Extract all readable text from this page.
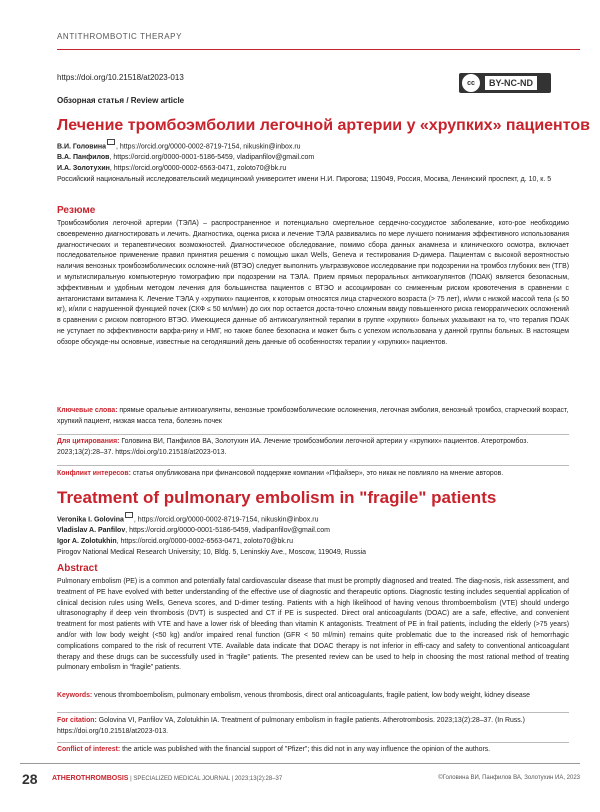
ANTITHROMBOTIC THERAPY
https://doi.org/10.21518/at2023-013
cc	BY-NC-ND
Обзорная статья / Review article
Лечение тромбоэмболии легочной артерии у «хрупких» пациентов
В.И. Головина , https://orcid.org/0000-0002-8719-7154, nikuskin@inbox.ru
В.А. Панфилов, https://orcid.org/0000-0001-5186-5459, vladipanfilov@gmail.com
И.А. Золотухин, https://orcid.org/0000-0002-6563-0471, zoloto70@bk.ru
Российский национальный исследовательский медицинский университет имени Н.И. Пирогова; 119049, Россия, Москва, Ленинский проспект, д. 10, к. 5
Резюме
Тромбоэмболия легочной артерии (ТЭЛА) – распространенное и потенциально смертельное сердечно-сосудистое заболевание, кото-рое необходимо своевременно диагностировать и лечить. Диагностика, оценка риска и лечение ТЭЛА развивались по мере лучшего понимания эффективного использования диагностических и терапевтических возможностей. Диагностическое обследование, помимо сбора данных анамнеза и клинического осмотра, включает последовательное применение правил принятия решения с помощью шкал Wells, Geneva и тестирования D-димера. Пациентам с высокой вероятностью наличия венозных тромбоэмболических осложне-ний (ВТЭО) следует выполнить ультразвуковое исследование при подозрении на тромбоз глубоких вен (ТГВ) и мультиспиральную компьютерную томографию при подозрении на ТЭЛА. Прием прямых пероральных антикоагулянтов (ПОАК) является безопасным, эффективным и удобным методом лечения для большинства пациентов с ВТЭО и ассоциирован со сниженным риском кровотечения в сравнении с антагонистами витамина К. Лечение ТЭЛА у «хрупких» пациентов, к которым относятся лица старческого возраста (> 75 лет), и/или с низкой массой тела (≤ 50 кг), и/или с нарушенной функцией почек (СКФ ≤ 50 мл/мин) до сих пор остается доста-точно сложным ввиду повышенного риска геморрагических осложнений в сравнении с риском повторного ВТЭО. Имеющиеся данные об антикоагулянтной терапии в группе «хрупких» больных указывают на то, что терапия ПОАК не уступает по эффективности варфа-рину и НМГ, но также более безопасна и может быть с успехом использована у данной группы больных. В настоящем обзоре обсужде-ны основные, известные на сегодняшний день данные об особенностях терапии у «хрупких» пациентов.
Ключевые слова: прямые оральные антикоагулянты, венозные тромбоэмболические осложнения, легочная эмболия, венозный тромбоз, старческий возраст, хрупкий пациент, низкая масса тела, болезнь почек
Для цитирования: Головина ВИ, Панфилов ВА, Золотухин ИА. Лечение тромбоэмболии легочной артерии у «хрупких» пациентов. Атеротромбоз. 2023;13(2):28–37. https://doi.org/10.21518/at2023-013.
Конфликт интересов: статья опубликована при финансовой поддержке компании «Пфайзер», это никак не повлияло на мнение авторов.
Treatment of pulmonary embolism in "fragile" patients
Veronika I. Golovina , https://orcid.org/0000-0002-8719-7154, nikuskin@inbox.ru
Vladislav A. Panfilov, https://orcid.org/0000-0001-5186-5459, vladipanfilov@gmail.com
Igor A. Zolotukhin, https://orcid.org/0000-0002-6563-0471, zoloto70@bk.ru
Pirogov National Medical Research University; 10, Bldg. 5, Leninskiy Ave., Moscow, 119049, Russia
Abstract
Pulmonary embolism (PE) is a common and potentially fatal cardiovascular disease that must be promptly diagnosed and treated. The diag-nosis, risk assessment, and treatment of PE have evolved with better understanding of the effective use of diagnostic and therapeutic options. Diagnostic testing includes sequential application of clinical decision rules using Wells, Geneva scores, and D-dimer testing. Patients with a high likelihood of having venous thromboembolism (VTE) should undergo ultrasonography if deep vein thrombosis (DVT) is suspected and CT if PE is suspected. Direct oral anticoagulants (DOAC) are a safe, effective, and convenient treatment for most patients with VTE and have a lower risk of bleeding than vitamin K antagonists. Treatment of PE in frail patients, including the elderly (>75 years) and/or with low body weight (<50 kg) and/or impaired renal function (GFR < 50 ml/min) remains quite problematic due to the increased risk of hemorrhagic complications compared to the risk of recurrent VTE. Available data indicate that DOAC therapy is not inferior in effi-cacy and safety to conventional anticoagulant therapy and these drugs can be successfully used in “fragile” patients. The presented review can be used to help in choosing the most rational method of treating pulmonary embolism in “fragile” patients.
Keywords: venous thromboembolism, pulmonary embolism, venous thrombosis, direct oral anticoagulants, fragile patient, low body weight, kidney disease
For citation: Golovina VI, Panfilov VA, Zolotukhin IA. Treatment of pulmonary embolism in fragile patients. Atherotrombosis. 2023;13(2):28–37. (In Russ.) https://doi.org/10.21518/at2023-013.
Conflict of interest: the article was published with the financial support of "Pfizer"; this did not in any way influence the opinion of the authors.
28 ATHEROTHROMBOSIS | SPECIALIZED MEDICAL JOURNAL | 2023;13(2):28–37	©Головина ВИ, Панфилов ВА, Золотухин ИА, 2023
